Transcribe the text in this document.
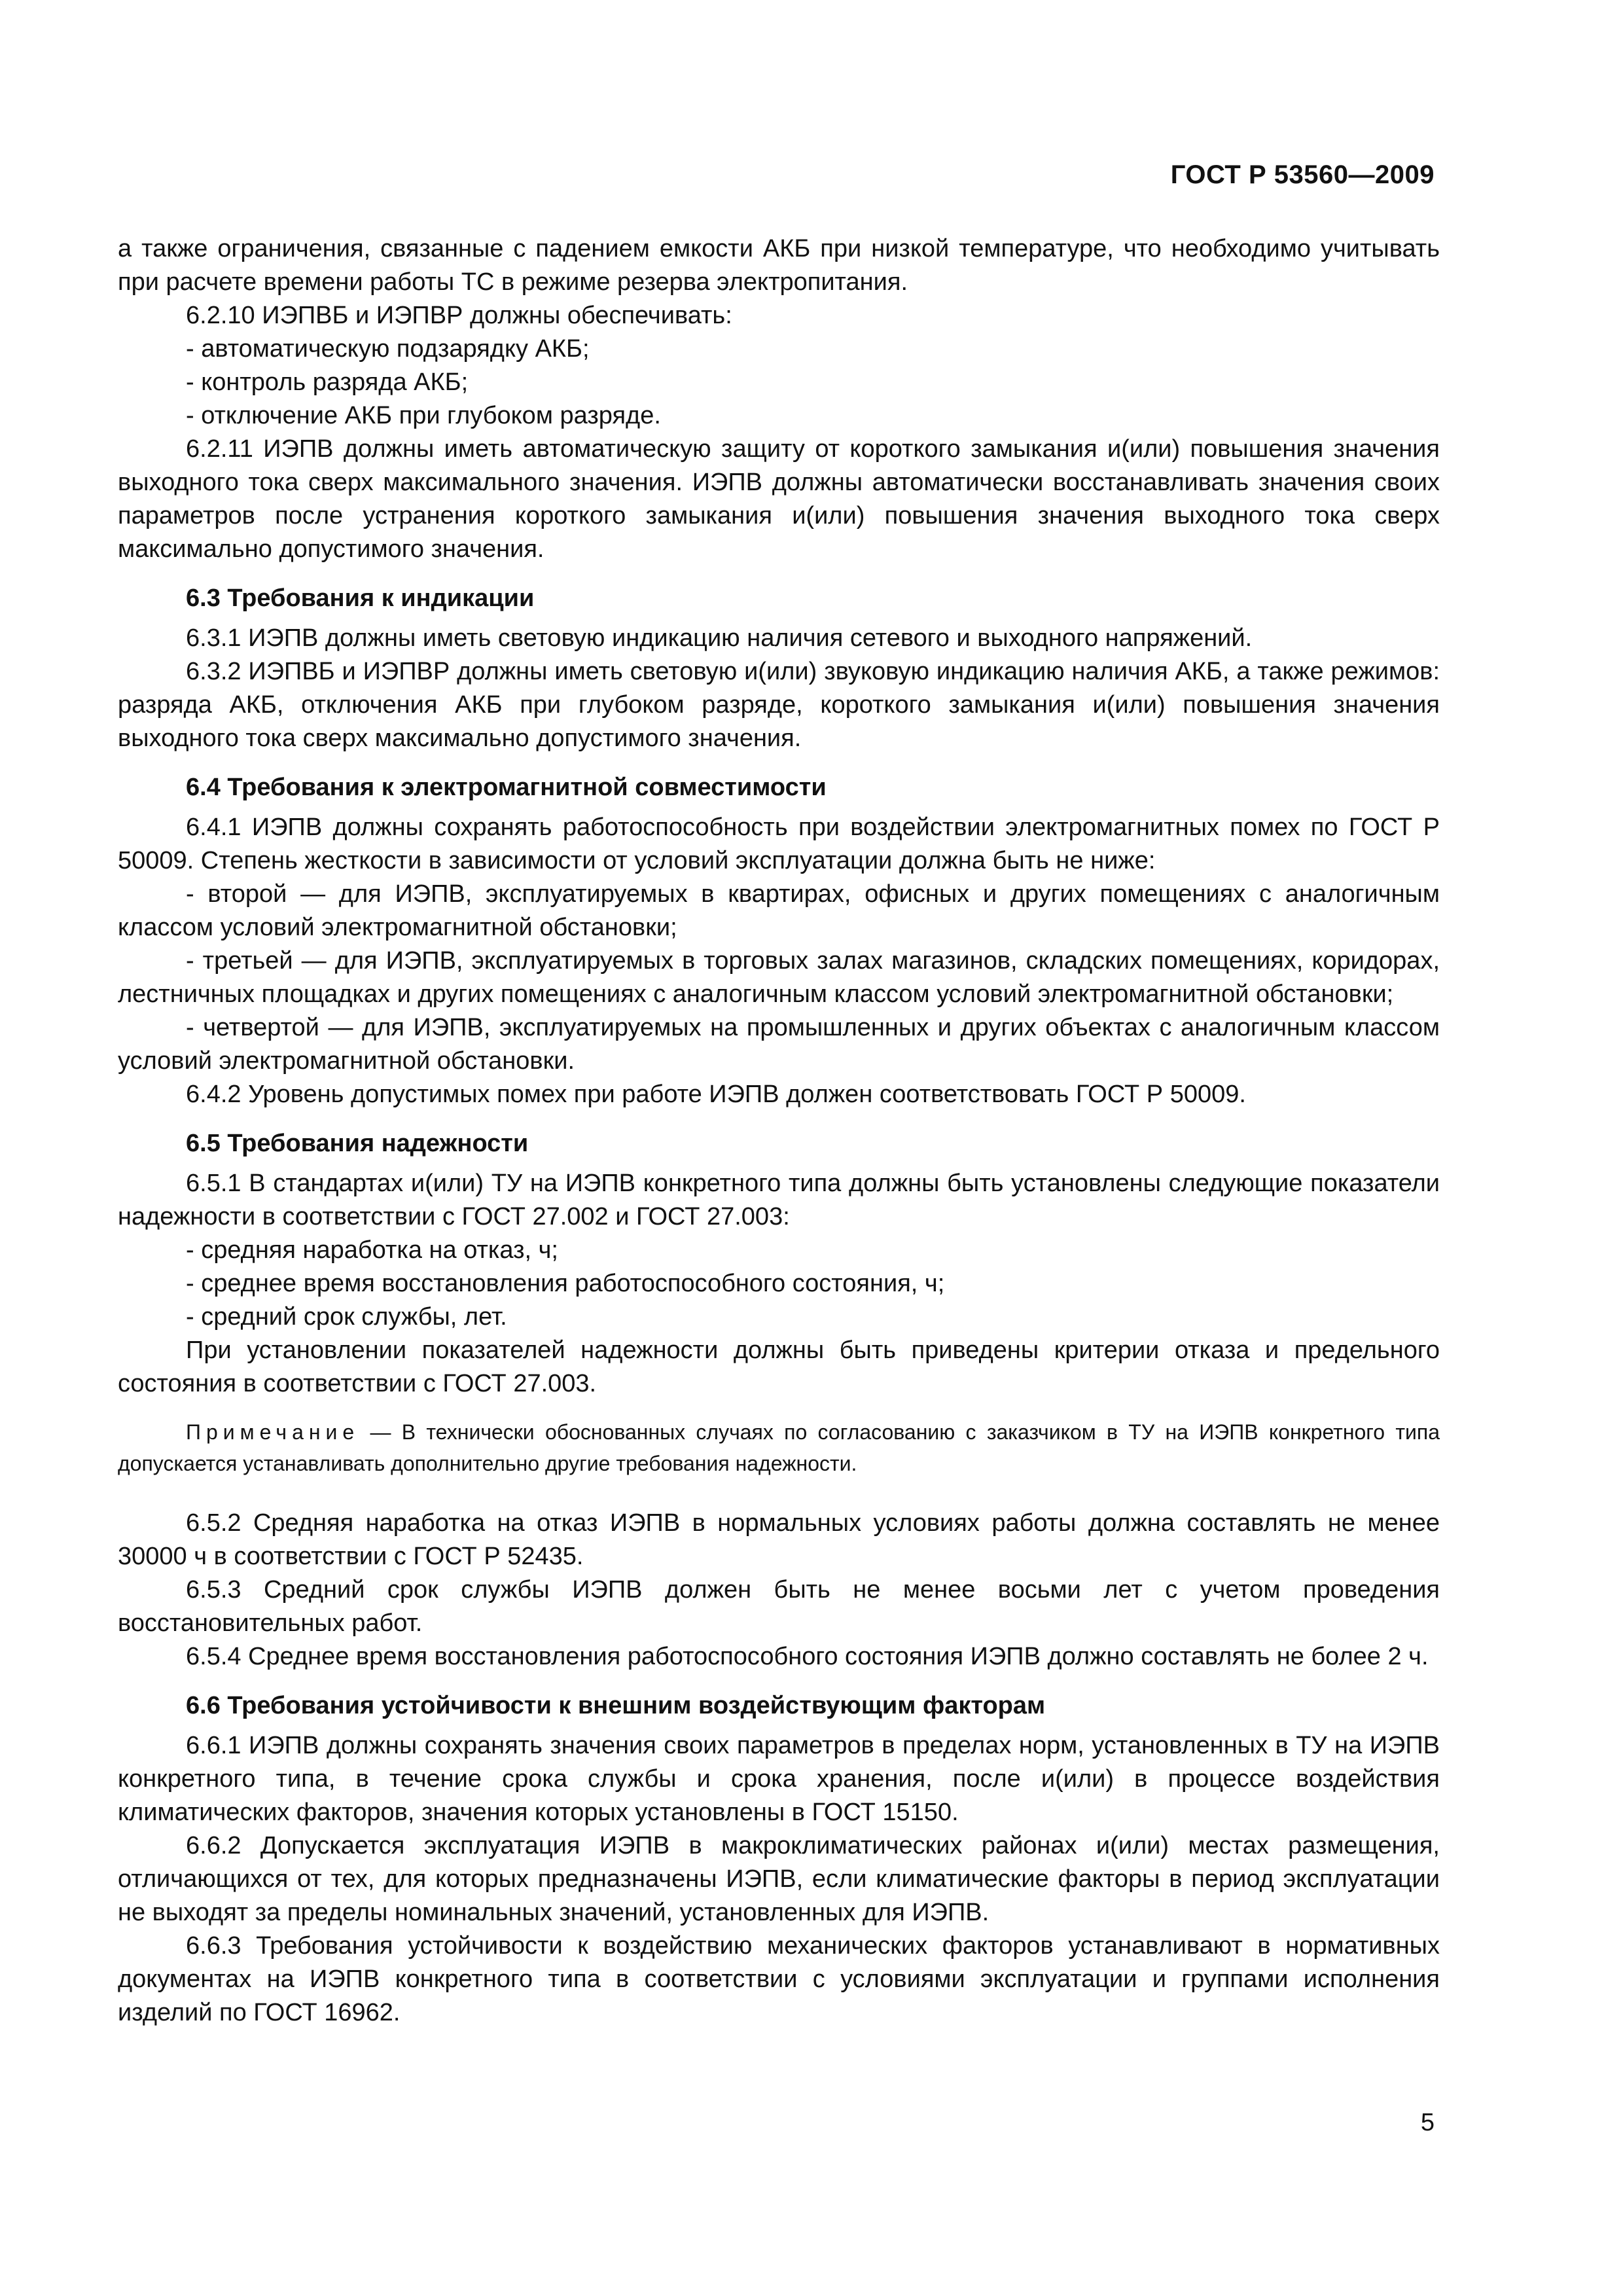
ГОСТ Р 53560—2009

а также ограничения, связанные с падением емкости АКБ при низкой температуре, что необходимо учитывать при расчете времени работы ТС в режиме резерва электропитания.

6.2.10 ИЭПВБ и ИЭПВР должны обеспечивать:

- автоматическую подзарядку АКБ;

- контроль разряда АКБ;

- отключение АКБ при глубоком разряде.

6.2.11 ИЭПВ должны иметь автоматическую защиту от короткого замыкания и(или) повышения значения выходного тока сверх максимального значения. ИЭПВ должны автоматически восстанавливать значения своих параметров после устранения короткого замыкания и(или) повышения значения выходного тока сверх максимально допустимого значения.

6.3 Требования к индикации

6.3.1 ИЭПВ должны иметь световую индикацию наличия сетевого и выходного напряжений.

6.3.2 ИЭПВБ и ИЭПВР должны иметь световую и(или) звуковую индикацию наличия АКБ, а также режимов: разряда АКБ, отключения АКБ при глубоком разряде, короткого замыкания и(или) повышения значения выходного тока сверх максимально допустимого значения.

6.4 Требования к электромагнитной совместимости

6.4.1 ИЭПВ должны сохранять работоспособность при воздействии электромагнитных помех по ГОСТ Р 50009. Степень жесткости в зависимости от условий эксплуатации должна быть не ниже:

- второй — для ИЭПВ, эксплуатируемых в квартирах, офисных и других помещениях с аналогичным классом условий электромагнитной обстановки;

- третьей — для ИЭПВ, эксплуатируемых в торговых залах магазинов, складских помещениях, коридорах, лестничных площадках и других помещениях с аналогичным классом условий электромагнитной обстановки;

- четвертой — для ИЭПВ, эксплуатируемых на промышленных и других объектах с аналогичным классом условий электромагнитной обстановки.

6.4.2 Уровень допустимых помех при работе ИЭПВ должен соответствовать ГОСТ Р 50009.

6.5 Требования надежности

6.5.1 В стандартах и(или) ТУ на ИЭПВ конкретного типа должны быть установлены следующие показатели надежности в соответствии с ГОСТ 27.002 и ГОСТ 27.003:

- средняя наработка на отказ, ч;

- среднее время восстановления работоспособного состояния, ч;

- средний срок службы, лет.

При установлении показателей надежности должны быть приведены критерии отказа и предельного состояния в соответствии с ГОСТ 27.003.

Примечание — В технически обоснованных случаях по согласованию с заказчиком в ТУ на ИЭПВ конкретного типа допускается устанавливать дополнительно другие требования надежности.

6.5.2 Средняя наработка на отказ ИЭПВ в нормальных условиях работы должна составлять не менее 30000 ч в соответствии с ГОСТ Р 52435.

6.5.3 Средний срок службы ИЭПВ должен быть не менее восьми лет с учетом проведения восстановительных работ.

6.5.4 Среднее время восстановления работоспособного состояния ИЭПВ должно составлять не более 2 ч.

6.6 Требования устойчивости к внешним воздействующим факторам

6.6.1 ИЭПВ должны сохранять значения своих параметров в пределах норм, установленных в ТУ на ИЭПВ конкретного типа, в течение срока службы и срока хранения, после и(или) в процессе воздействия климатических факторов, значения которых установлены в ГОСТ 15150.

6.6.2 Допускается эксплуатация ИЭПВ в макроклиматических районах и(или) местах размещения, отличающихся от тех, для которых предназначены ИЭПВ, если климатические факторы в период эксплуатации не выходят за пределы номинальных значений, установленных для ИЭПВ.

6.6.3 Требования устойчивости к воздействию механических факторов устанавливают в нормативных документах на ИЭПВ конкретного типа в соответствии с условиями эксплуатации и группами исполнения изделий по ГОСТ 16962.

5
